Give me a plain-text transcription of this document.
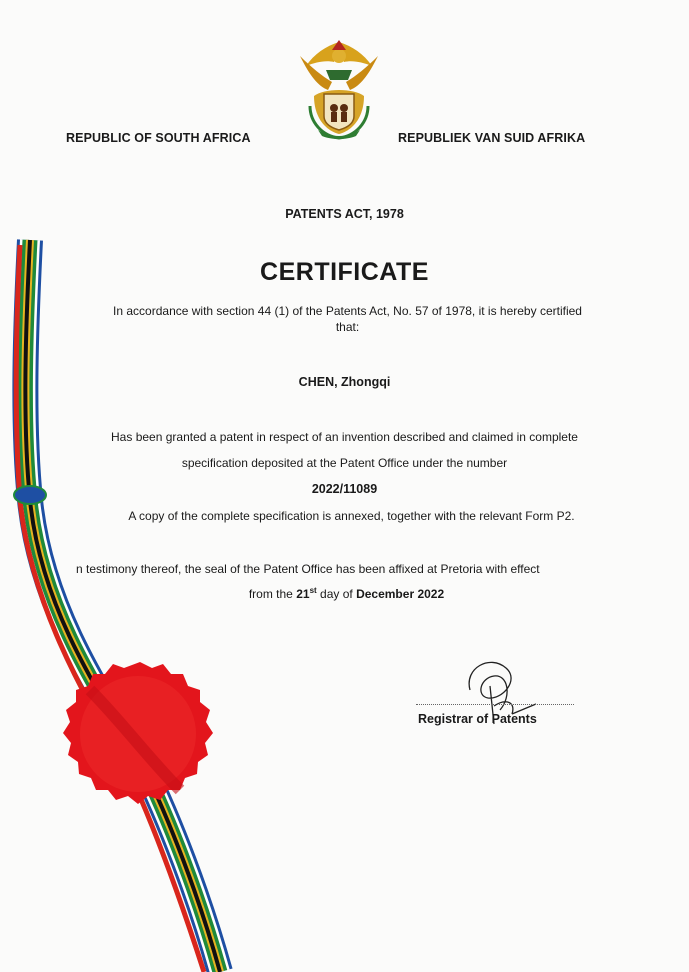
REPUBLIC OF SOUTH AFRICA	REPUBLIEK VAN SUID AFRIKA
PATENTS ACT, 1978
CERTIFICATE
In accordance with section 44 (1) of the Patents Act, No. 57 of 1978, it is hereby certified
that:
CHEN, Zhongqi
Has been granted a patent in respect of an invention described and claimed in complete
specification deposited at the Patent Office under the number
2022/11089
A copy of the complete specification is annexed, together with the relevant Form P2.
n testimony thereof, the seal of the Patent Office has been affixed at Pretoria with effect
from the 21st day of December 2022
Registrar of Patents
